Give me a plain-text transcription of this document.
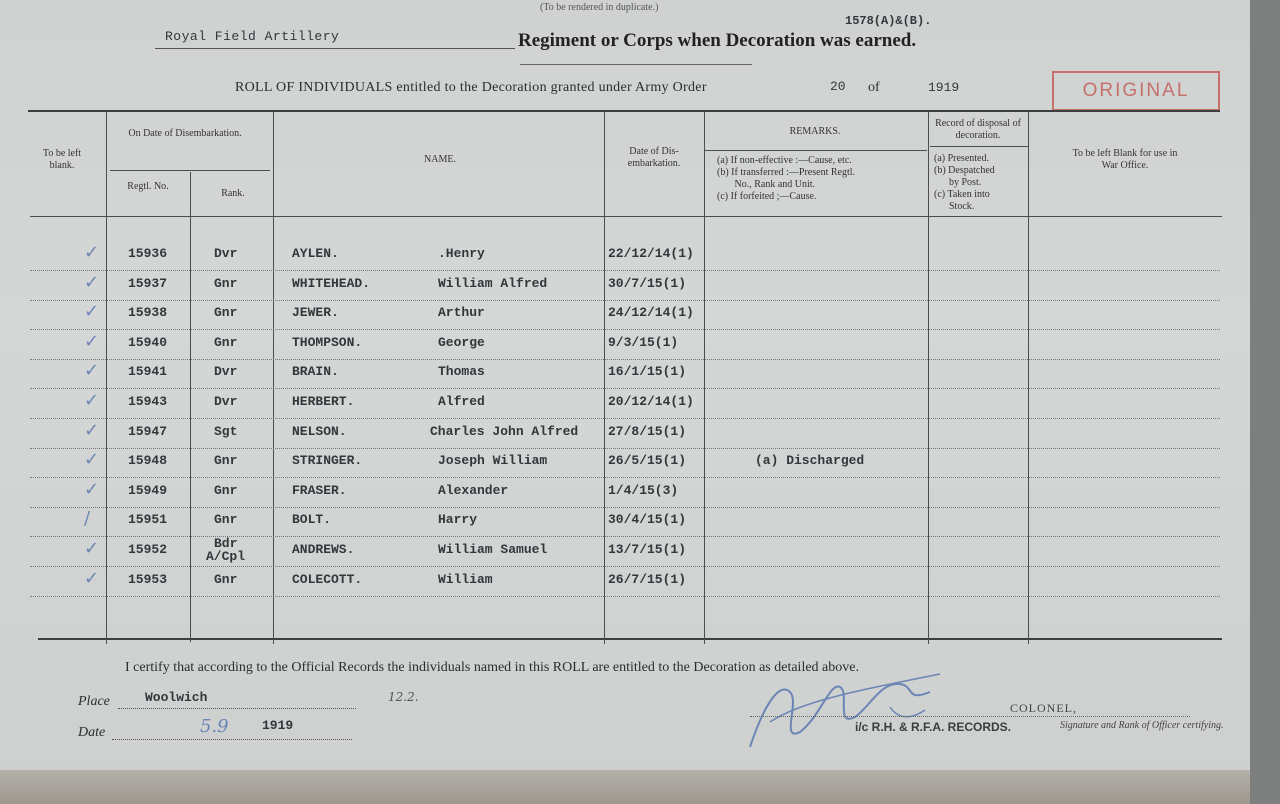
(To be rendered in duplicate.)
1578(A)&(B).
Royal Field Artillery	Regiment or Corps when Decoration was earned.
ROLL OF INDIVIDUALS entitled to the Decoration granted under Army Order	20 of	1919	ORIGINAL
To be left blank.
On Date of Disembarkation.
Regtl. No.
Rank.
NAME.
Date of Dis-embarkation.
REMARKS.
(a) If non-effective :—Cause, etc.
(b) If transferred :—Present Regtl.
No., Rank and Unit.
(c) If forfeited ;—Cause.
Record of disposal of decoration.
(a) Presented.
(b) Despatched
by Post.
(c) Taken into
Stock.
To be left Blank for use in War Office.
✓ 15936	Dvr	AYLEN.	.Henry	22/12/14(1)
✓ 15937	Gnr	WHITEHEAD.	William Alfred	30/7/15(1)
✓ 15938	Gnr	JEWER.	Arthur	24/12/14(1)
✓ 15940	Gnr	THOMPSON.	George	9/3/15(1)
✓ 15941	Dvr	BRAIN.	Thomas	16/1/15(1)
✓ 15943	Dvr	HERBERT.	Alfred	20/12/14(1)
✓ 15947	Sgt	NELSON.	Charles John Alfred 27/8/15(1)
✓ 15948	Gnr	STRINGER.	Joseph William	26/5/15(1)	(a) Discharged
✓ 15949	Gnr	FRASER.	Alexander	1/4/15(3)
/	15951	Gnr	BOLT.	Harry	30/4/15(1)
✓ 15952	Bdr
A/Cpl	ANDREWS.	William Samuel	13/7/15(1)
✓ 15953	Gnr	COLECOTT.	William	26/7/15(1)
I certify that according to the Official Records the individuals named in this ROLL are entitled to the Decoration as detailed above.
Place	Woolwich	12.2.
Date	5.9	1919
COLONEL,
i/c R.H. & R.F.A. RECORDS.	Signature and Rank of Officer certifying.
